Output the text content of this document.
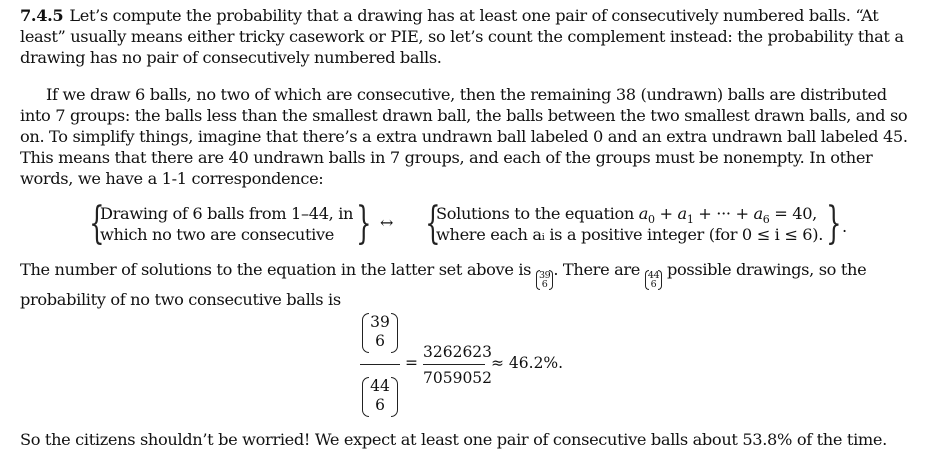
7.4.5 Let’s compute the probability that a drawing has at least one pair of consecutively numbered balls. “At least” usually means either tricky casework or PIE, so let’s count the complement instead: the probability that a drawing has no pair of consecutively numbered balls.
If we draw 6 balls, no two of which are consecutive, then the remaining 38 (undrawn) balls are distributed into 7 groups: the balls less than the smallest drawn ball, the balls between the two smallest drawn balls, and so on. To simplify things, imagine that there’s a extra undrawn ball labeled 0 and an extra undrawn ball labeled 45. This means that there are 40 undrawn balls in 7 groups, and each of the groups must be nonempty. In other words, we have a 1-1 correspondence:
{
Drawing of 6 balls from 1–44, in
which no two are consecutive } ↔ {
Solutions to the equation $a_0 + a_1$ + ··· + $a_6 = 40$,
where each aᵢ is a positive integer (for 0 ≤ i ≤ 6). } .
The number of solutions to the equation in the latter set above is 39
6
. There are 44
6
possible drawings, so the probability of no two consecutive balls is
39
6
44
6
=
3262623
7059052
≈ 46.2%.
So the citizens shouldn’t be worried! We expect at least one pair of consecutive balls about 53.8% of the time.
